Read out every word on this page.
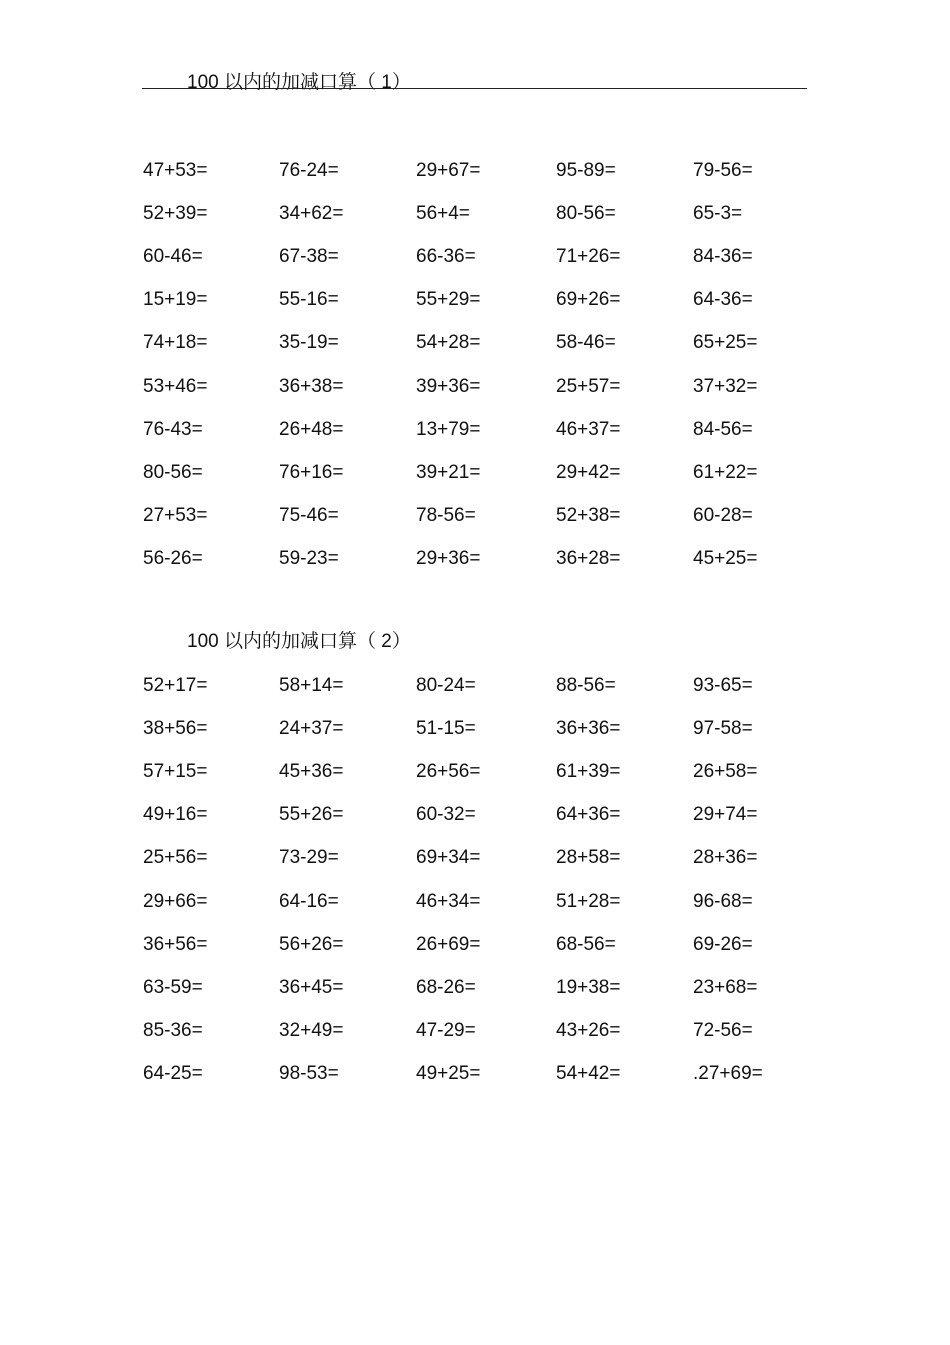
100 以内的加减口算（ 1）
47+53=	76-24=	29+67=	95-89=	79-56=
52+39=	34+62=	56+4=	80-56=	65-3=
60-46=	67-38=	66-36=	71+26=	84-36=
15+19=	55-16=	55+29=	69+26=	64-36=
74+18=	35-19=	54+28=	58-46=	65+25=
53+46=	36+38=	39+36=	25+57=	37+32=
76-43=	26+48=	13+79=	46+37=	84-56=
80-56=	76+16=	39+21=	29+42=	61+22=
27+53=	75-46=	78-56=	52+38=	60-28=
56-26=	59-23=	29+36=	36+28=	45+25=
100 以内的加减口算（ 2）
52+17=	58+14=	80-24=	88-56=	93-65=
38+56=	24+37=	51-15=	36+36=	97-58=
57+15=	45+36=	26+56=	61+39=	26+58=
49+16=	55+26=	60-32=	64+36=	29+74=
25+56=	73-29=	69+34=	28+58=	28+36=
29+66=	64-16=	46+34=	51+28=	96-68=
36+56=	56+26=	26+69=	68-56=	69-26=
63-59=	36+45=	68-26=	19+38=	23+68=
85-36=	32+49=	47-29=	43+26=	72-56=
64-25=	98-53=	49+25=	54+42=	.27+69=
